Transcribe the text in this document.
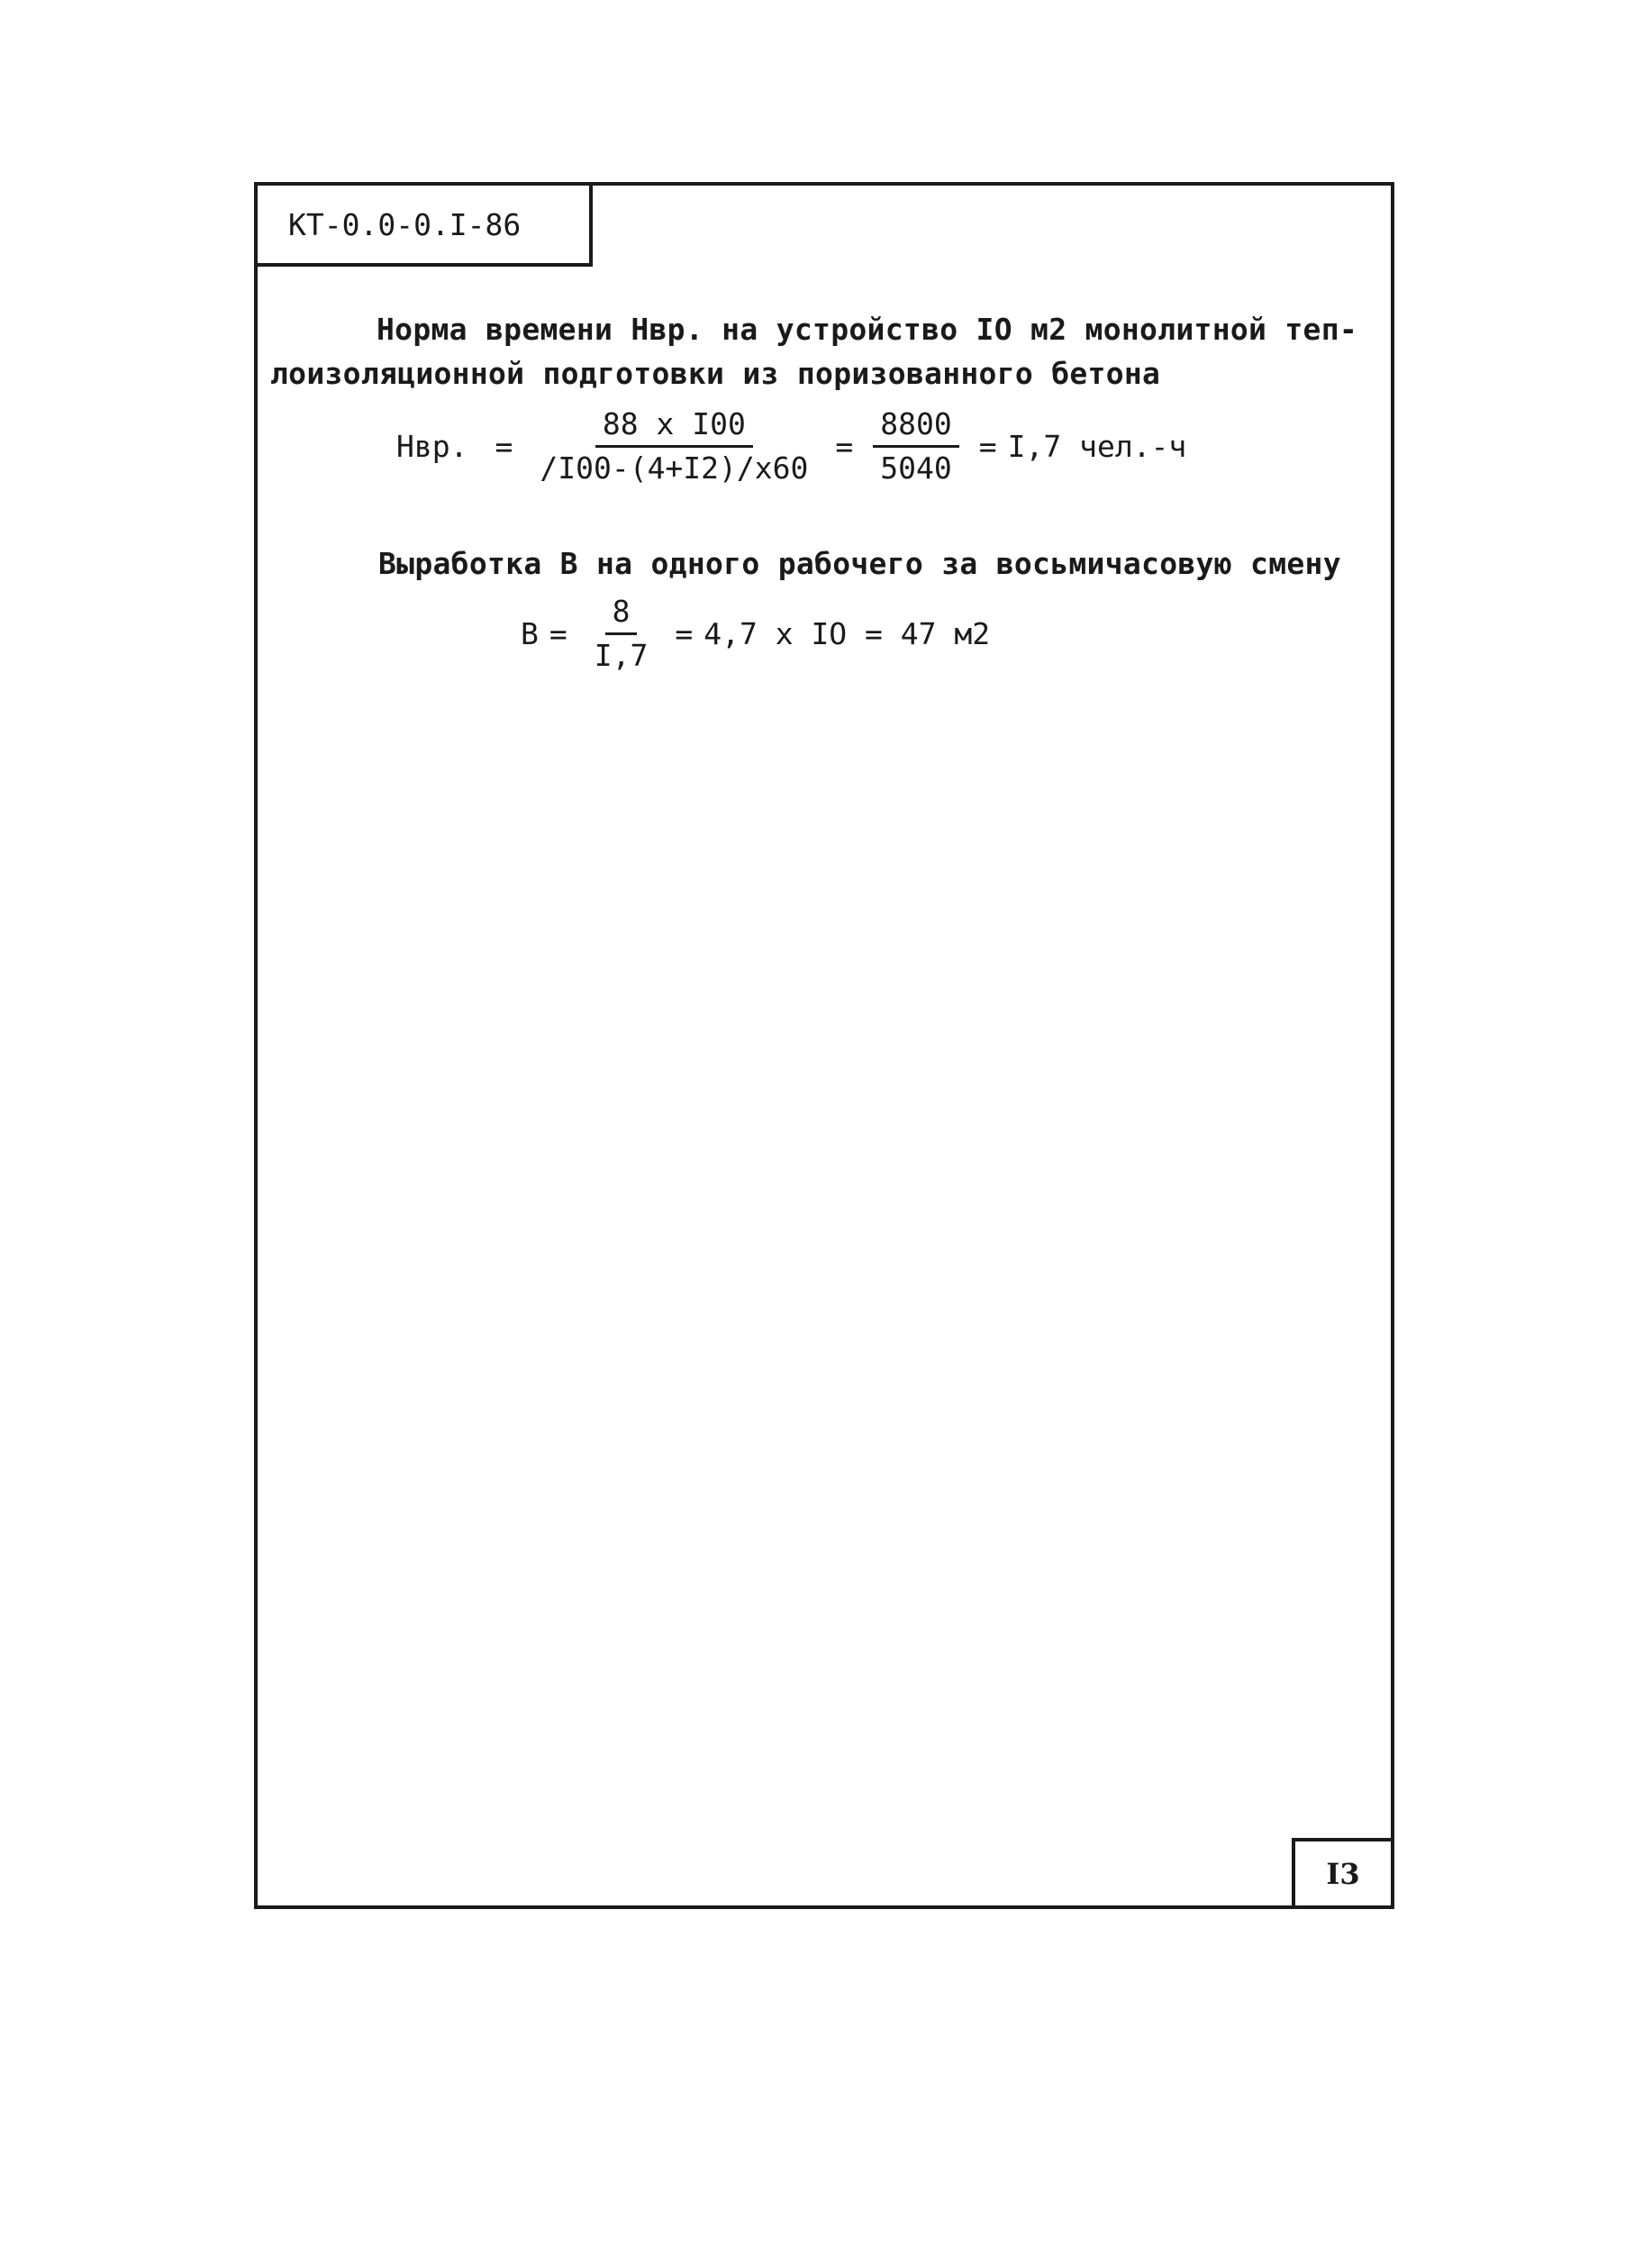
КТ-0.0-0.I-86
Норма времени Нвр. на устройство IO м2 монолитной теп-
лоизоляционной подготовки из поризованного бетона
Нвр. = $\frac{\text{88 x I00}}{/I00-(4+I2)/x60} = \frac{8800}{5040} = I,7$ чел.-ч
Выработка В на одного рабочего за восьмичасовую смену
$B = \frac{8}{I,7} = 4,7$ x IO = 47 м2
I3
